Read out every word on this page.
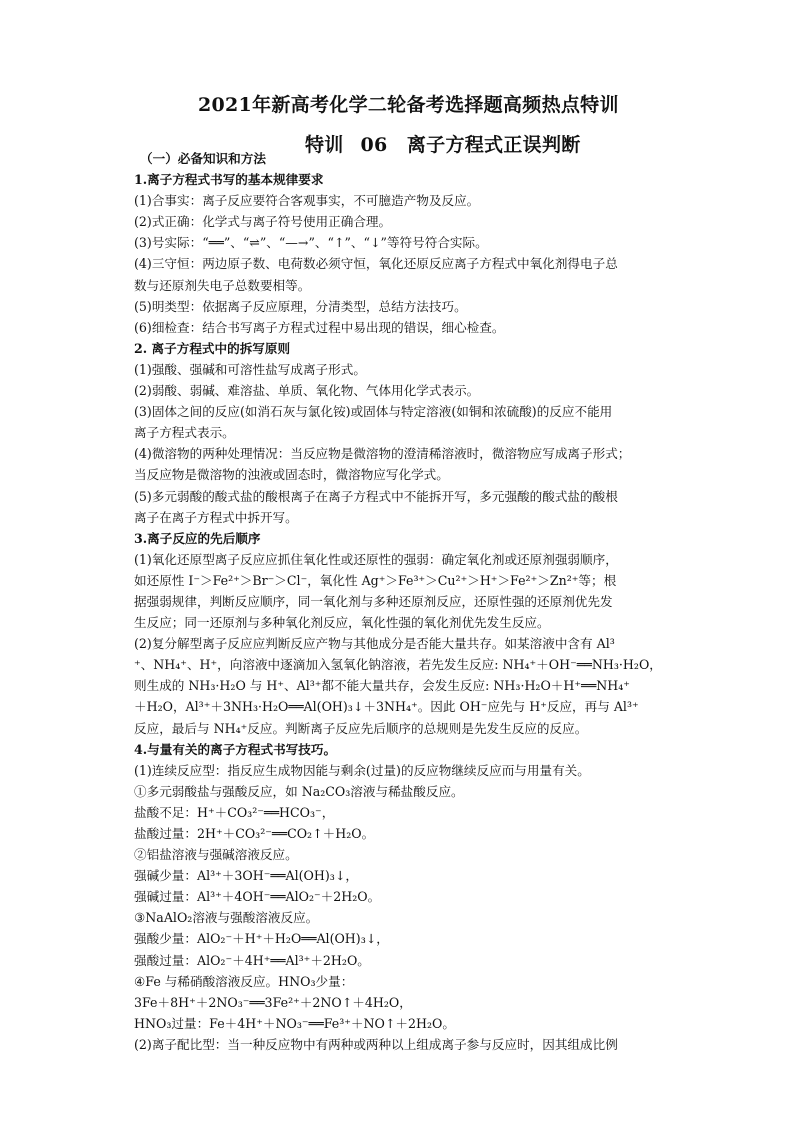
2021年新高考化学二轮备考选择题高频热点特训
特训 06　离子方程式正误判断
（一）必备知识和方法
1.离子方程式书写的基本规律要求
(1)合事实：离子反应要符合客观事实，不可臆造产物及反应。
(2)式正确：化学式与离子符号使用正确合理。
(3)号实际：“══”、“⇌”、“—→”、“↑”、“↓”等符号符合实际。
(4)三守恒：两边原子数、电荷数必须守恒，氧化还原反应离子方程式中氧化剂得电子总
数与还原剂失电子总数要相等。
(5)明类型：依据离子反应原理，分清类型，总结方法技巧。
(6)细检查：结合书写离子方程式过程中易出现的错误，细心检查。
2. 离子方程式中的拆写原则
(1)强酸、强碱和可溶性盐写成离子形式。
(2)弱酸、弱碱、难溶盐、单质、氧化物、气体用化学式表示。
(3)固体之间的反应(如消石灰与氯化铵)或固体与特定溶液(如铜和浓硫酸)的反应不能用
离子方程式表示。
(4)微溶物的两种处理情况：当反应物是微溶物的澄清稀溶液时，微溶物应写成离子形式；
当反应物是微溶物的浊液或固态时，微溶物应写化学式。
(5)多元弱酸的酸式盐的酸根离子在离子方程式中不能拆开写，多元强酸的酸式盐的酸根
离子在离子方程式中拆开写。
3.离子反应的先后顺序
(1)氧化还原型离子反应应抓住氧化性或还原性的强弱：确定氧化剂或还原剂强弱顺序，
如还原性 I⁻＞Fe²⁺＞Br⁻＞Cl⁻，氧化性 Ag⁺＞Fe³⁺＞Cu²⁺＞H⁺＞Fe²⁺＞Zn²⁺等；根
据强弱规律，判断反应顺序，同一氧化剂与多种还原剂反应，还原性强的还原剂优先发
生反应；同一还原剂与多种氧化剂反应，氧化性强的氧化剂优先发生反应。
(2)复分解型离子反应应判断反应产物与其他成分是否能大量共存。如某溶液中含有 Al³
⁺、NH₄⁺、H⁺，向溶液中逐滴加入氢氧化钠溶液，若先发生反应: NH₄⁺＋OH⁻══NH₃·H₂O，
则生成的 NH₃·H₂O 与 H⁺、Al³⁺都不能大量共存，会发生反应: NH₃·H₂O＋H⁺══NH₄⁺
＋H₂O，Al³⁺＋3NH₃·H₂O══Al(OH)₃↓＋3NH₄⁺。因此 OH⁻应先与 H⁺反应，再与 Al³⁺
反应，最后与 NH₄⁺反应。判断离子反应先后顺序的总规则是先发生反应的反应。
4.与量有关的离子方程式书写技巧。
(1)连续反应型：指反应生成物因能与剩余(过量)的反应物继续反应而与用量有关。
①多元弱酸盐与强酸反应，如 Na₂CO₃溶液与稀盐酸反应。
盐酸不足：H⁺＋CO₃²⁻══HCO₃⁻，
盐酸过量：2H⁺＋CO₃²⁻══CO₂↑＋H₂O。
②铝盐溶液与强碱溶液反应。
强碱少量：Al³⁺＋3OH⁻══Al(OH)₃↓，
强碱过量：Al³⁺＋4OH⁻══AlO₂⁻＋2H₂O。
③NaAlO₂溶液与强酸溶液反应。
强酸少量：AlO₂⁻＋H⁺＋H₂O══Al(OH)₃↓，
强酸过量：AlO₂⁻＋4H⁺══Al³⁺＋2H₂O。
④Fe 与稀硝酸溶液反应。HNO₃少量：
3Fe＋8H⁺＋2NO₃⁻══3Fe²⁺＋2NO↑＋4H₂O，
HNO₃过量：Fe＋4H⁺＋NO₃⁻══Fe³⁺＋NO↑＋2H₂O。
(2)离子配比型：当一种反应物中有两种或两种以上组成离子参与反应时，因其组成比例
